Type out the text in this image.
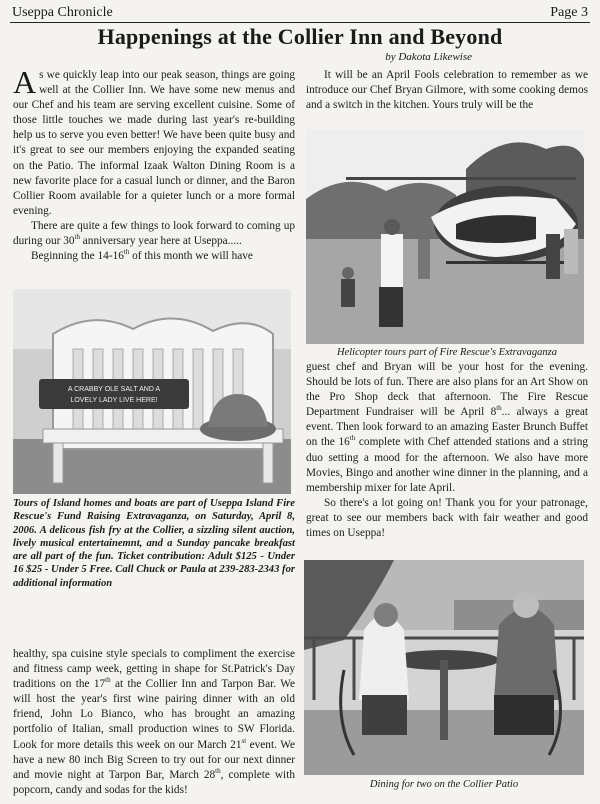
Useppa Chronicle	Page 3
Happenings at the Collier Inn and Beyond
by Dakota Likewise

As we quickly leap into our peak season, things are going well at the Collier Inn. We have some new menus and our Chef and his team are serving excellent cuisine. Some of those little touches we made during last year's re-building help us to serve you even better! We have been quite busy and it's great to see our members enjoying the expanded seating on the Patio. The informal Izaak Walton Dining Room is a new favorite place for a casual lunch or dinner, and the Baron Collier Room available for a quieter lunch or a more formal evening.

There are quite a few things to look forward to coming up during our 30th anniversary year here at Useppa.....

Beginning the 14-16th of this month we will have

It will be an April Fools celebration to remember as we introduce our Chef Bryan Gilmore, with some cooking demos and a switch in the kitchen. Yours truly will be the

Helicopter tours part of Fire Rescue's Extravaganza

guest chef and Bryan will be your host for the evening. Should be lots of fun. There are also plans for an Art Show on the Pro Shop deck that afternoon. The Fire Rescue Department Fundraiser will be April 8th... always a great event. Then look forward to an amazing Easter Brunch Buffet on the 16th complete with Chef attended stations and a string duo setting a mood for the afternoon. We also have more Movies, Bingo and another wine dinner in the planning, and a membership mixer for late April.

So there's a lot going on! Thank you for your patronage, great to see our members back with fair weather and good times on Useppa!

A CRABBY OLE SALT AND A
LOVELY LADY LIVE HERE!
Tours of Island homes and boats are part of Useppa Island Fire Rescue's Fund Raising Extravaganza, on Saturday, April 8, 2006. A delicous fish fry at the Collier, a sizzling silent auction, lively musical entertainemnt, and a Sunday pancake breakfast are all part of the fun. Ticket contribution: Adult $125 - Under 16 $25 - Under 5 Free. Call Chuck or Paula at 239-283-2343 for additional information

healthy, spa cuisine style specials to compliment the exercise and fitness camp week, getting in shape for St.Patrick's Day traditions on the 17th at the Collier Inn and Tarpon Bar. We will host the year's first wine pairing dinner with an old friend, John Lo Bianco, who has brought an amazing portfolio of Italian, small production wines to SW Florida. Look for more details this week on our March 21st event. We have a new 80 inch Big Screen to try out for our next dinner and movie night at Tarpon Bar, March 28th, complete with popcorn, candy and sodas for the kids!	Dining for two on the Collier Patio
